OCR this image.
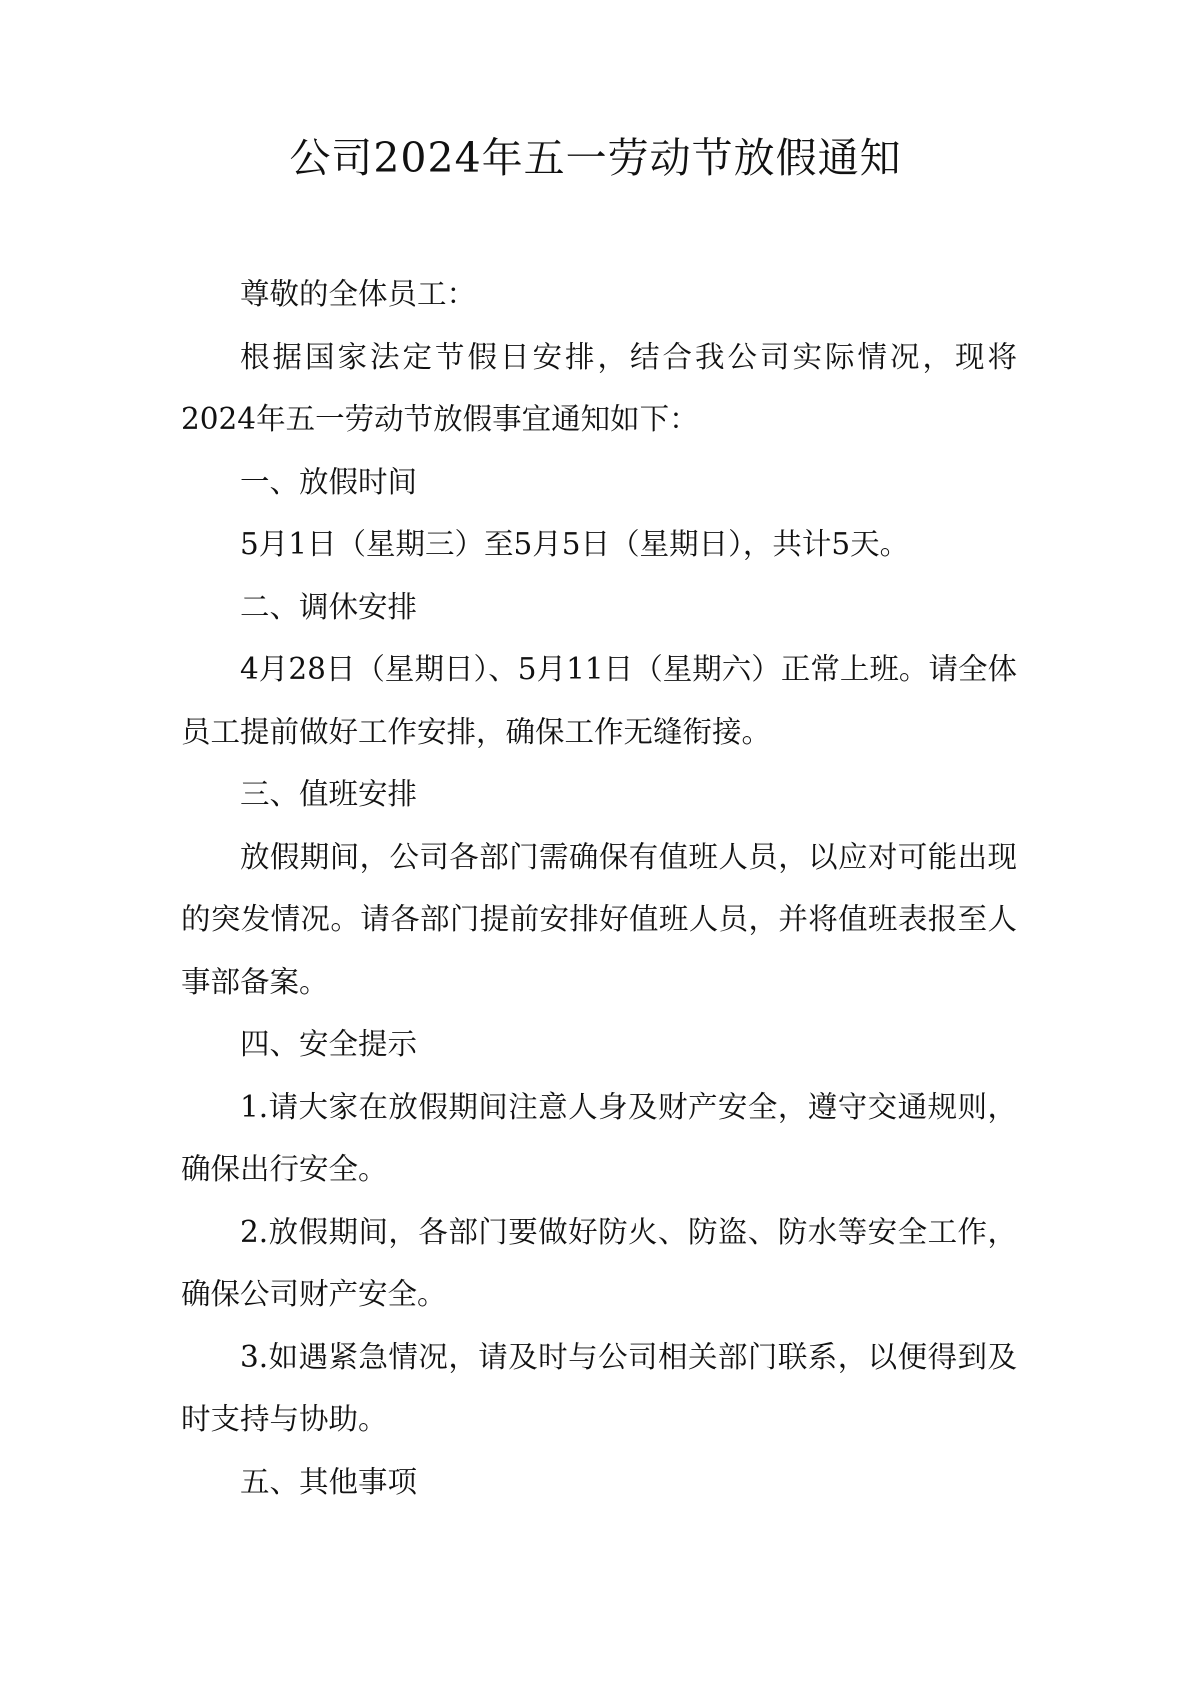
公司2024年五一劳动节放假通知

尊敬的全体员工：

根据国家法定节假日安排，结合我公司实际情况，现将2024年五一劳动节放假事宜通知如下：

一、放假时间

5月1日（星期三）至5月5日（星期日），共计5天。

二、调休安排

4月28日（星期日）、5月11日（星期六）正常上班。请全体员工提前做好工作安排，确保工作无缝衔接。

三、值班安排

放假期间，公司各部门需确保有值班人员，以应对可能出现的突发情况。请各部门提前安排好值班人员，并将值班表报至人事部备案。

四、安全提示

1.请大家在放假期间注意人身及财产安全，遵守交通规则，确保出行安全。

2.放假期间，各部门要做好防火、防盗、防水等安全工作，确保公司财产安全。

3.如遇紧急情况，请及时与公司相关部门联系，以便得到及时支持与协助。

五、其他事项
